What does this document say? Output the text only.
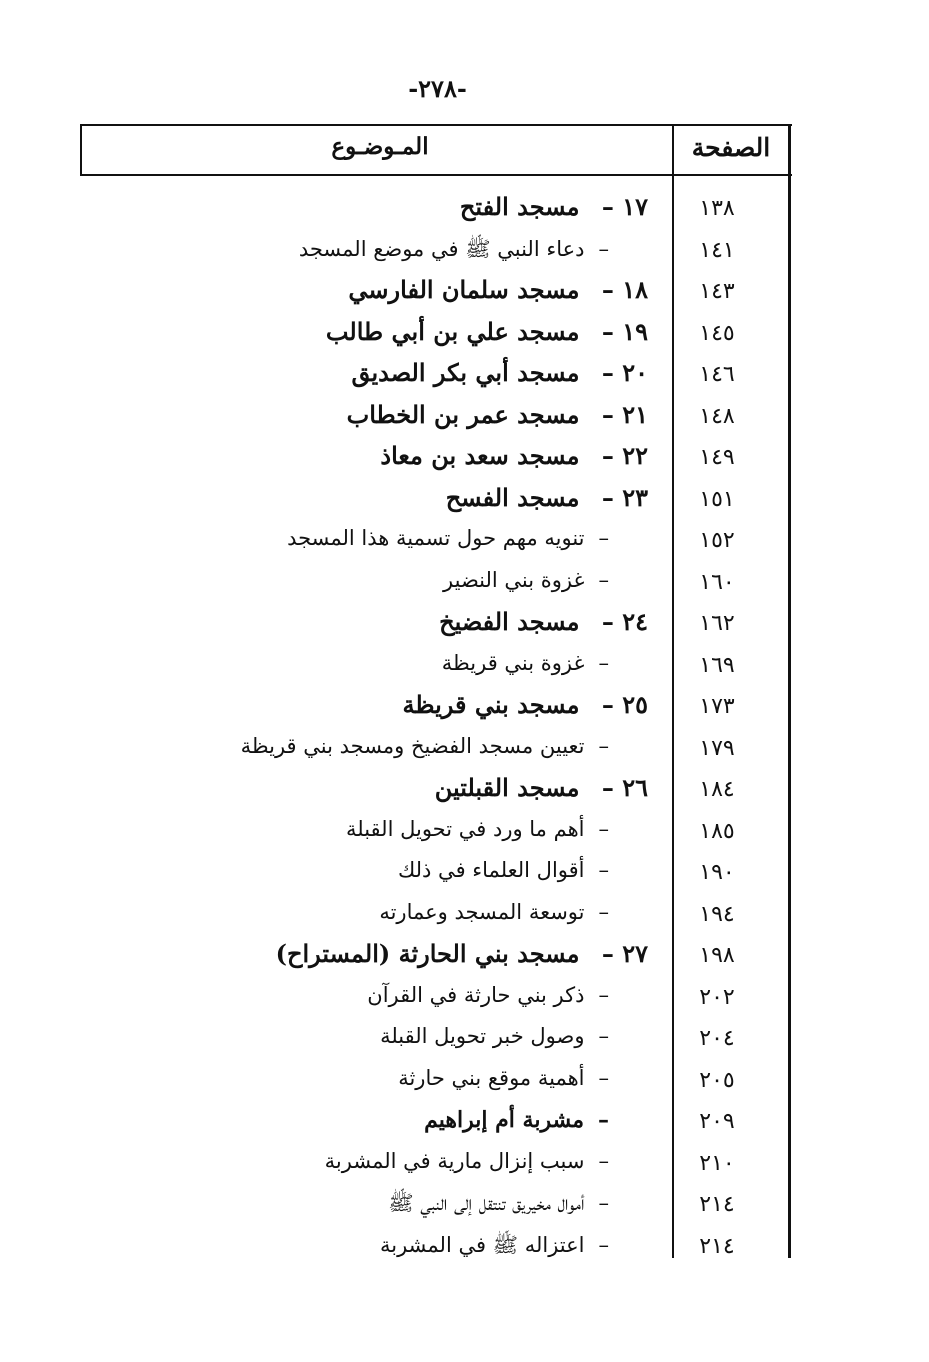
-٢٧٨-
الصفحة
المـوضـوع
١٣٨
١٧ – مسجد الفتح
١٤١
–دعاء النبي ﷺ في موضع المسجد
١٤٣
١٨ – مسجد سلمان الفارسي
١٤٥
١٩ – مسجد علي بن أبي طالب
١٤٦
٢٠ – مسجد أبي بكر الصديق
١٤٨
٢١ – مسجد عمر بن الخطاب
١٤٩
٢٢ – مسجد سعد بن معاذ
١٥١
٢٣ – مسجد الفسح
١٥٢
–تنويه مهم حول تسمية هذا المسجد
١٦٠
–غزوة بني النضير
١٦٢
٢٤ – مسجد الفضيخ
١٦٩
–غزوة بني قريظة
١٧٣
٢٥ – مسجد بني قريظة
١٧٩
–تعيين مسجد الفضيخ ومسجد بني قريظة
١٨٤
٢٦ – مسجد القبلتين
١٨٥
–أهم ما ورد في تحويل القبلة
١٩٠
–أقوال العلماء في ذلك
١٩٤
–توسعة المسجد وعمارته
١٩٨
٢٧ – مسجد بني الحارثة (المستراح)
٢٠٢
–ذكر بني حارثة في القرآن
٢٠٤
–وصول خبر تحويل القبلة
٢٠٥
–أهمية موقع بني حارثة
٢٠٩
–مشربة أم إبراهيم
٢١٠
–سبب إنزال مارية في المشربة
٢١٤
–أموال مخيريق تنتقل إلى النبي ﷺ
٢١٤
–اعتزاله ﷺ في المشربة
